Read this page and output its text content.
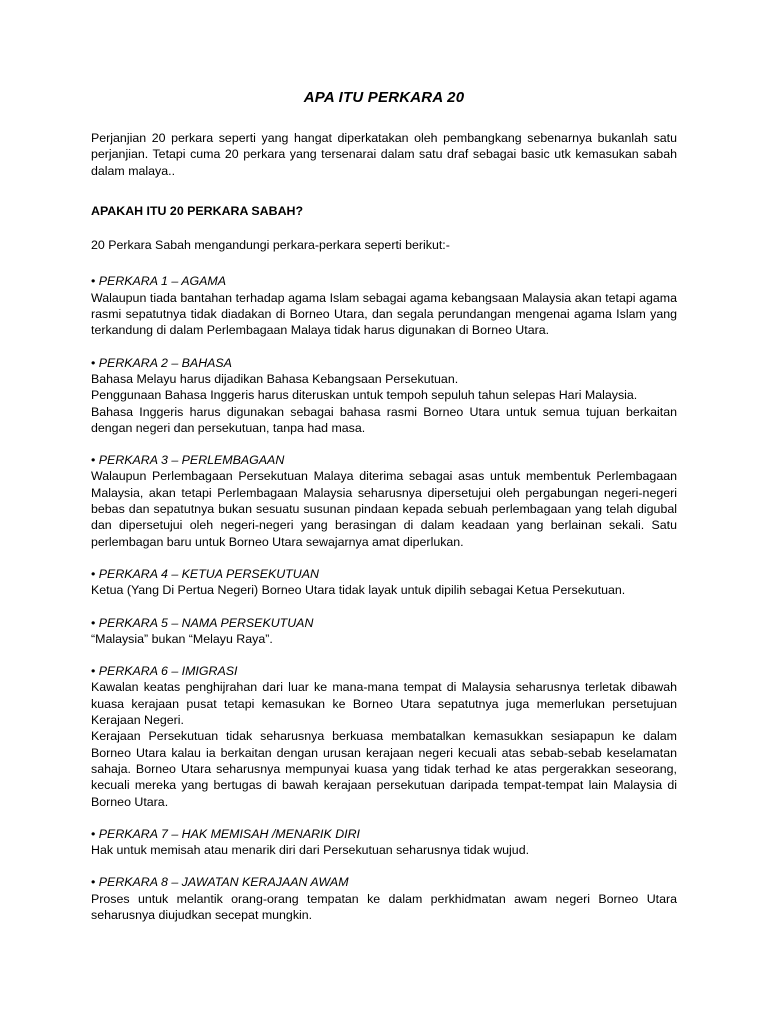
APA ITU PERKARA 20

Perjanjian 20 perkara seperti yang hangat diperkatakan oleh pembangkang sebenarnya bukanlah satu perjanjian. Tetapi cuma 20 perkara yang tersenarai dalam satu draf sebagai basic utk kemasukan sabah dalam malaya..

APAKAH ITU 20 PERKARA SABAH?

20 Perkara Sabah mengandungi perkara-perkara seperti berikut:-

• PERKARA 1 – AGAMA

Walaupun tiada bantahan terhadap agama Islam sebagai agama kebangsaan Malaysia akan tetapi agama rasmi sepatutnya tidak diadakan di Borneo Utara, dan segala perundangan mengenai agama Islam yang terkandung di dalam Perlembagaan Malaya tidak harus digunakan di Borneo Utara.

• PERKARA 2 – BAHASA

Bahasa Melayu harus dijadikan Bahasa Kebangsaan Persekutuan.

Penggunaan Bahasa Inggeris harus diteruskan untuk tempoh sepuluh tahun selepas Hari Malaysia.

Bahasa Inggeris harus digunakan sebagai bahasa rasmi Borneo Utara untuk semua tujuan berkaitan dengan negeri dan persekutuan, tanpa had masa.

• PERKARA 3 – PERLEMBAGAAN

Walaupun Perlembagaan Persekutuan Malaya diterima sebagai asas untuk membentuk Perlembagaan Malaysia, akan tetapi Perlembagaan Malaysia seharusnya dipersetujui oleh pergabungan negeri-negeri bebas dan sepatutnya bukan sesuatu susunan pindaan kepada sebuah perlembagaan yang telah digubal dan dipersetujui oleh negeri-negeri yang berasingan di dalam keadaan yang berlainan sekali. Satu perlembagan baru untuk Borneo Utara sewajarnya amat diperlukan.

• PERKARA 4 – KETUA PERSEKUTUAN

Ketua (Yang Di Pertua Negeri) Borneo Utara tidak layak untuk dipilih sebagai Ketua Persekutuan.

• PERKARA 5 – NAMA PERSEKUTUAN

“Malaysia” bukan “Melayu Raya”.

• PERKARA 6 – IMIGRASI

Kawalan keatas penghijrahan dari luar ke mana-mana tempat di Malaysia seharusnya terletak dibawah kuasa kerajaan pusat tetapi kemasukan ke Borneo Utara sepatutnya juga memerlukan persetujuan Kerajaan Negeri.

Kerajaan Persekutuan tidak seharusnya berkuasa membatalkan kemasukkan sesiapapun ke dalam Borneo Utara kalau ia berkaitan dengan urusan kerajaan negeri kecuali atas sebab-sebab keselamatan sahaja. Borneo Utara seharusnya mempunyai kuasa yang tidak terhad ke atas pergerakkan seseorang, kecuali mereka yang bertugas di bawah kerajaan persekutuan daripada tempat-tempat lain Malaysia di Borneo Utara.

• PERKARA 7 – HAK MEMISAH /MENARIK DIRI

Hak untuk memisah atau menarik diri dari Persekutuan seharusnya tidak wujud.

• PERKARA 8 – JAWATAN KERAJAAN AWAM

Proses untuk melantik orang-orang tempatan ke dalam perkhidmatan awam negeri Borneo Utara seharusnya diujudkan secepat mungkin.
